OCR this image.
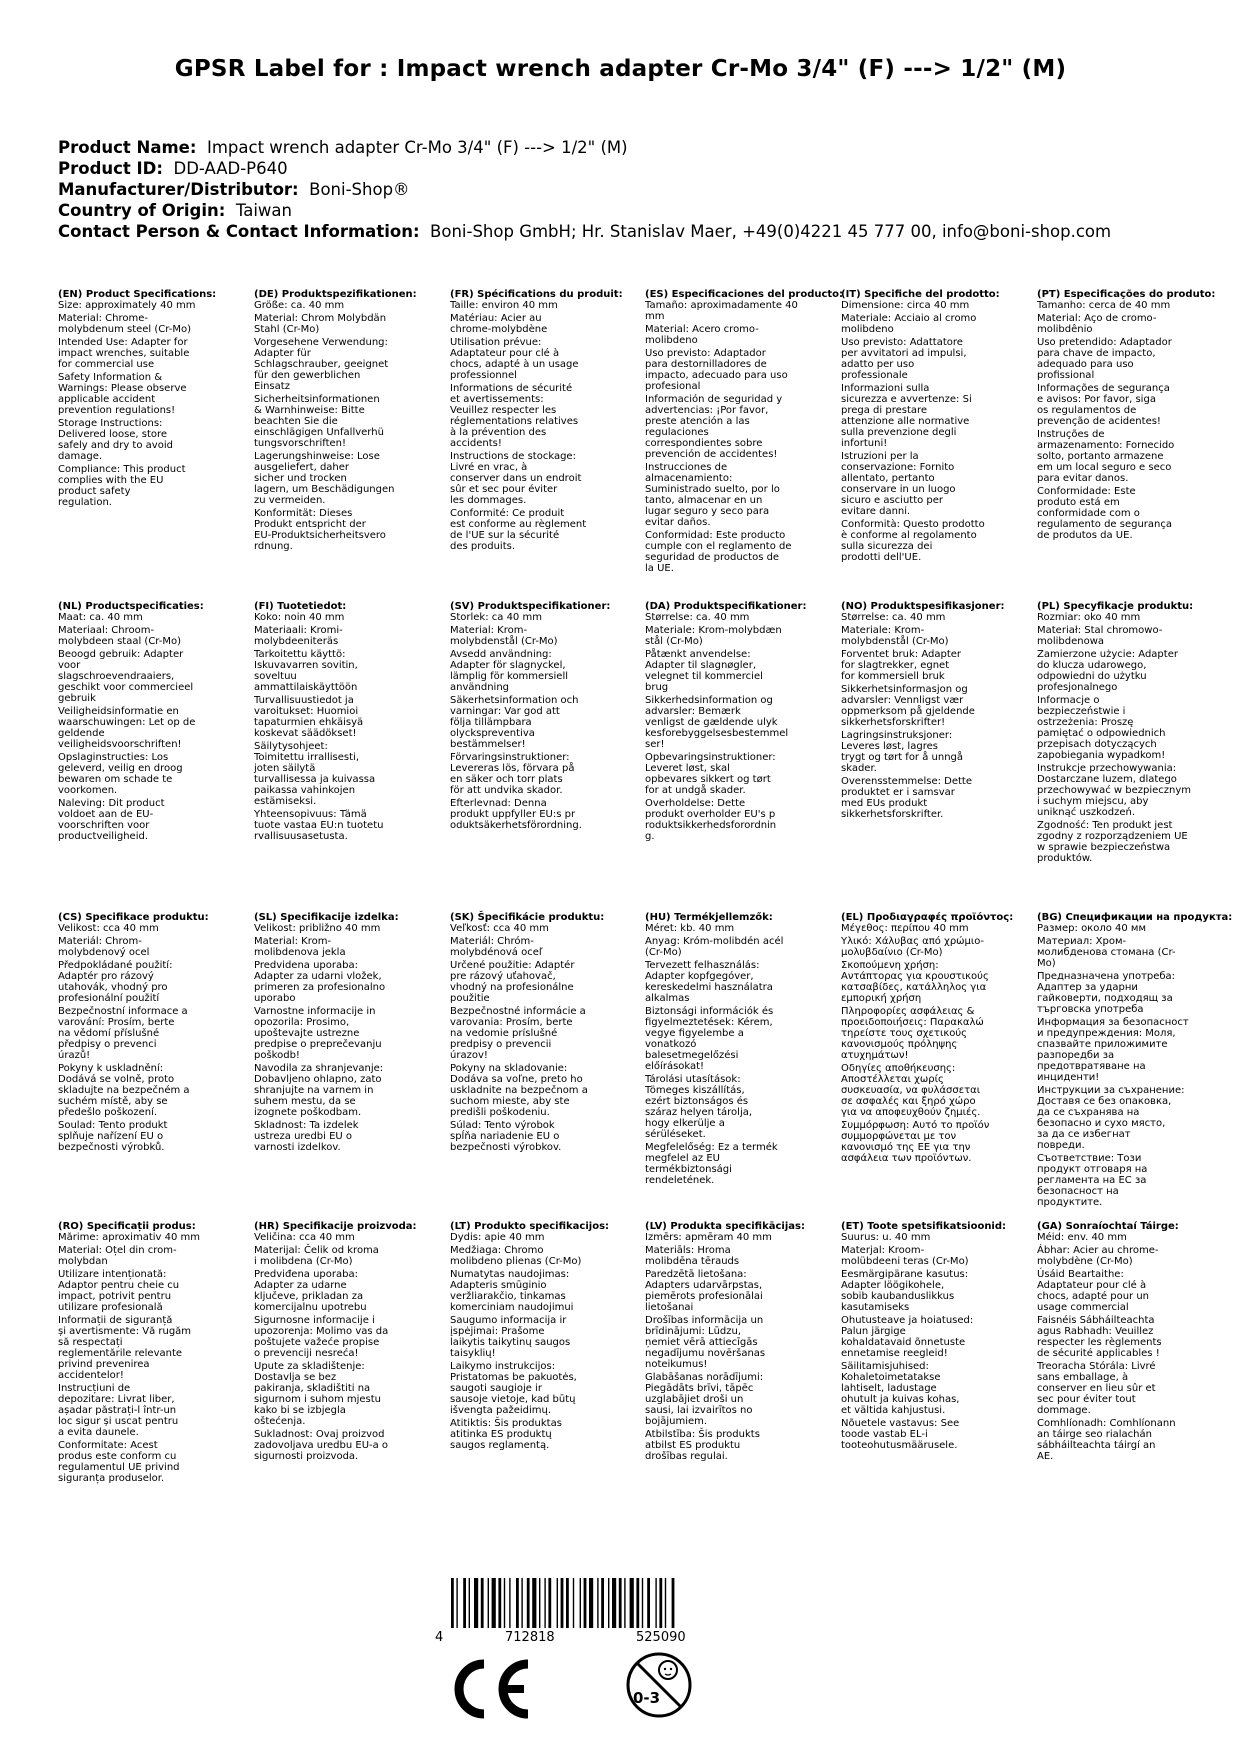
GPSR Label for : Impact wrench adapter Cr-Mo 3/4" (F) ---> 1/2" (M)
Product Name: Impact wrench adapter Cr-Mo 3/4" (F) ---> 1/2" (M)
Product ID: DD-AAD-P640
Manufacturer/Distributor: Boni-Shop®
Country of Origin: Taiwan
Contact Person & Contact Information: Boni-Shop GmbH; Hr. Stanislav Maer, +49(0)4221 45 777 00, info@boni-shop.com
(EN) Product Specifications:
Size: approximately 40 mm
Material: Chrome-
molybdenum steel (Cr-Mo)
Intended Use: Adapter for
impact wrenches, suitable
for commercial use
Safety Information &
Warnings: Please observe
applicable accident
prevention regulations!
Storage Instructions:
Delivered loose, store
safely and dry to avoid
damage.
Compliance: This product
complies with the EU
product safety
regulation.
(DE) Produktspezifikationen:
Größe: ca. 40 mm
Material: Chrom Molybdän
Stahl (Cr-Mo)
Vorgesehene Verwendung:
Adapter für
Schlagschrauber, geeignet
für den gewerblichen
Einsatz
Sicherheitsinformationen
& Warnhinweise: Bitte
beachten Sie die
einschlägigen Unfallverhü
tungsvorschriften!
Lagerungshinweise: Lose
ausgeliefert, daher
sicher und trocken
lagern, um Beschädigungen
zu vermeiden.
Konformität: Dieses
Produkt entspricht der
EU-Produktsicherheitsvero
rdnung.
(FR) Spécifications du produit:
Taille: environ 40 mm
Matériau: Acier au
chrome-molybdène
Utilisation prévue:
Adaptateur pour clé à
chocs, adapté à un usage
professionnel
Informations de sécurité
et avertissements:
Veuillez respecter les
réglementations relatives
à la prévention des
accidents!
Instructions de stockage:
Livré en vrac, à
conserver dans un endroit
sûr et sec pour éviter
les dommages.
Conformité: Ce produit
est conforme au règlement
de l'UE sur la sécurité
des produits.
(ES) Especificaciones del producto:
Tamaño: aproximadamente 40
mm
Material: Acero cromo-
molibdeno
Uso previsto: Adaptador
para destornilladores de
impacto, adecuado para uso
profesional
Información de seguridad y
advertencias: ¡Por favor,
preste atención a las
regulaciones
correspondientes sobre
prevención de accidentes!
Instrucciones de
almacenamiento:
Suministrado suelto, por lo
tanto, almacenar en un
lugar seguro y seco para
evitar daños.
Conformidad: Este producto
cumple con el reglamento de
seguridad de productos de
la UE.
(IT) Specifiche del prodotto:
Dimensione: circa 40 mm
Materiale: Acciaio al cromo
molibdeno
Uso previsto: Adattatore
per avvitatori ad impulsi,
adatto per uso
professionale
Informazioni sulla
sicurezza e avvertenze: Si
prega di prestare
attenzione alle normative
sulla prevenzione degli
infortuni!
Istruzioni per la
conservazione: Fornito
allentato, pertanto
conservare in un luogo
sicuro e asciutto per
evitare danni.
Conformità: Questo prodotto
è conforme al regolamento
sulla sicurezza dei
prodotti dell'UE.
(PT) Especificações do produto:
Tamanho: cerca de 40 mm
Material: Aço de cromo-
molibdênio
Uso pretendido: Adaptador
para chave de impacto,
adequado para uso
profissional
Informações de segurança
e avisos: Por favor, siga
os regulamentos de
prevenção de acidentes!
Instruções de
armazenamento: Fornecido
solto, portanto armazene
em um local seguro e seco
para evitar danos.
Conformidade: Este
produto está em
conformidade com o
regulamento de segurança
de produtos da UE.
(NL) Productspecificaties:
Maat: ca. 40 mm
Materiaal: Chroom-
molybdeen staal (Cr-Mo)
Beoogd gebruik: Adapter
voor
slagschroevendraaiers,
geschikt voor commercieel
gebruik
Veiligheidsinformatie en
waarschuwingen: Let op de
geldende
veiligheidsvoorschriften!
Opslaginstructies: Los
geleverd, veilig en droog
bewaren om schade te
voorkomen.
Naleving: Dit product
voldoet aan de EU-
voorschriften voor
productveiligheid.
(FI) Tuotetiedot:
Koko: noin 40 mm
Materiaali: Kromi-
molybdeeniteräs
Tarkoitettu käyttö:
Iskuvavarren sovitin,
soveltuu
ammattilaiskäyttöön
Turvallisuustiedot ja
varoitukset: Huomioi
tapaturmien ehkäisyä
koskevat säädökset!
Säilytysohjeet:
Toimitettu irrallisesti,
joten säilytä
turvallisessa ja kuivassa
paikassa vahinkojen
estämiseksi.
Yhteensopivuus: Tämä
tuote vastaa EU:n tuotetu
rvallisuusasetusta.
(SV) Produktspecifikationer:
Storlek: ca 40 mm
Material: Krom-
molybdenstål (Cr-Mo)
Avsedd användning:
Adapter för slagnyckel,
lämplig för kommersiell
användning
Säkerhetsinformation och
varningar: Var god att
följa tillämpbara
olyckspreventiva
bestämmelser!
Förvaringsinstruktioner:
Levereras lös, förvara på
en säker och torr plats
för att undvika skador.
Efterlevnad: Denna
produkt uppfyller EU:s pr
oduktsäkerhetsförordning.
(DA) Produktspecifikationer:
Størrelse: ca. 40 mm
Materiale: Krom-molybdæn
stål (Cr-Mo)
Påtænkt anvendelse:
Adapter til slagnøgler,
velegnet til kommerciel
brug
Sikkerhedsinformation og
advarsler: Bemærk
venligst de gældende ulyk
kesforebyggelsesbestemmel
ser!
Opbevaringsinstruktioner:
Leveret løst, skal
opbevares sikkert og tørt
for at undgå skader.
Overholdelse: Dette
produkt overholder EU's p
roduktsikkerhedsforordnin
g.
(NO) Produktspesifikasjoner:
Størrelse: ca. 40 mm
Materiale: Krom-
molybdenstål (Cr-Mo)
Forventet bruk: Adapter
for slagtrekker, egnet
for kommersiell bruk
Sikkerhetsinformasjon og
advarsler: Vennligst vær
oppmerksom på gjeldende
sikkerhetsforskrifter!
Lagringsinstruksjoner:
Leveres løst, lagres
trygt og tørt for å unngå
skader.
Overensstemmelse: Dette
produktet er i samsvar
med EUs produkt
sikkerhetsforskrifter.
(PL) Specyfikacje produktu:
Rozmiar: oko 40 mm
Materiał: Stal chromowo-
molibdenowa
Zamierzone użycie: Adapter
do klucza udarowego,
odpowiedni do użytku
profesjonalnego
Informacje o
bezpieczeństwie i
ostrzeżenia: Proszę
pamiętać o odpowiednich
przepisach dotyczących
zapobiegania wypadkom!
Instrukcje przechowywania:
Dostarczane luzem, dlatego
przechowywać w bezpiecznym
i suchym miejscu, aby
uniknąć uszkodzeń.
Zgodność: Ten produkt jest
zgodny z rozporządzeniem UE
w sprawie bezpieczeństwa
produktów.
(CS) Specifikace produktu:
Velikost: cca 40 mm
Materiál: Chrom-
molybdenový ocel
Předpokládané použití:
Adaptér pro rázový
utahovák, vhodný pro
profesionální použití
Bezpečnostní informace a
varování: Prosím, berte
na vědomí příslušné
předpisy o prevenci
úrazů!
Pokyny k uskladnění:
Dodává se volně, proto
skladujte na bezpečném a
suchém místě, aby se
předešlo poškození.
Soulad: Tento produkt
splňuje nařízení EU o
bezpečnosti výrobků.
(SL) Specifikacije izdelka:
Velikost: približno 40 mm
Material: Krom-
molibdenova jekla
Predvidena uporaba:
Adapter za udarni vložek,
primeren za profesionalno
uporabo
Varnostne informacije in
opozorila: Prosimo,
upoštevajte ustrezne
predpise o preprečevanju
poškodb!
Navodila za shranjevanje:
Dobavljeno ohlapno, zato
shranjujte na varnem in
suhem mestu, da se
izognete poškodbam.
Skladnost: Ta izdelek
ustreza uredbi EU o
varnosti izdelkov.
(SK) Špecifikácie produktu:
Veľkosť: cca 40 mm
Materiál: Chróm-
molybdénová oceľ
Určené použitie: Adaptér
pre rázový uťahovač,
vhodný na profesionálne
použitie
Bezpečnostné informácie a
varovania: Prosím, berte
na vedomie príslušné
predpisy o prevencii
úrazov!
Pokyny na skladovanie:
Dodáva sa voľne, preto ho
uskladnite na bezpečnom a
suchom mieste, aby ste
predišli poškodeniu.
Súlad: Tento výrobok
spĺňa nariadenie EU o
bezpečnosti výrobkov.
(HU) Termékjellemzők:
Méret: kb. 40 mm
Anyag: Króm-molibdén acél
(Cr-Mo)
Tervezett felhasználás:
Adapter kopfgegóver,
kereskedelmi használatra
alkalmas
Biztonsági információk és
figyelmeztetések: Kérem,
vegye figyelembe a
vonatkozó
balesetmegelőzési
előírásokat!
Tárolási utasítások:
Tömeges kiszállítás,
ezért biztonságos és
száraz helyen tárolja,
hogy elkerülje a
sérüléseket.
Megfelelőség: Ez a termék
megfelel az EU
termékbiztonsági
rendeletének.
(EL) Προδιαγραφές προϊόντος:
Μέγεθος: περίπου 40 mm
Υλικό: Χάλυβας από χρώμιο-
μολυβδαίνιο (Cr-Mo)
Σκοπούμενη χρήση:
Αντάπτορας για κρουστικούς
κατσαβίδες, κατάλληλος για
εμπορική χρήση
Πληροφορίες ασφάλειας &
προειδοποιήσεις: Παρακαλώ
τηρείστε τους σχετικούς
κανονισμούς πρόληψης
ατυχημάτων!
Οδηγίες αποθήκευσης:
Αποστέλλεται χωρίς
συσκευασία, να φυλάσσεται
σε ασφαλές και ξηρό χώρο
για να αποφευχθούν ζημιές.
Συμμόρφωση: Αυτό το προϊόν
συμμορφώνεται με τον
κανονισμό της ΕΕ για την
ασφάλεια των προϊόντων.
(BG) Спецификации на продукта:
Размер: около 40 мм
Материал: Хром-
молибденова стомана (Cr-
Mo)
Предназначена употреба:
Адаптер за ударни
гайковерти, подходящ за
търговска употреба
Информация за безопасност
и предупреждения: Моля,
спазвайте приложимите
разпоредби за
предотвратяване на
инциденти!
Инструкции за съхранение:
Доставя се без опаковка,
да се съхранява на
безопасно и сухо място,
за да се избегнат
повреди.
Съответствие: Този
продукт отговаря на
регламента на ЕС за
безопасност на
продуктите.
(RO) Specificații produs:
Mărime: aproximativ 40 mm
Material: Oțel din crom-
molybdan
Utilizare intenționată:
Adaptor pentru cheie cu
impact, potrivit pentru
utilizare profesională
Informații de siguranță
și avertismente: Vă rugăm
să respectați
reglementările relevante
privind prevenirea
accidentelor!
Instrucțiuni de
depozitare: Livrat liber,
așadar păstrați-l într-un
loc sigur și uscat pentru
a evita daunele.
Conformitate: Acest
produs este conform cu
regulamentul UE privind
siguranța produselor.
(HR) Specifikacije proizvoda:
Veličina: cca 40 mm
Materijal: Čelik od kroma
i molibdena (Cr-Mo)
Predviđena uporaba:
Adapter za udarne
ključeve, prikladan za
komercijalnu upotrebu
Sigurnosne informacije i
upozorenja: Molimo vas da
poštujete važeće propise
o prevenciji nesreća!
Upute za skladištenje:
Dostavlja se bez
pakiranja, skladištiti na
sigurnom i suhom mjestu
kako bi se izbjegla
oštećenja.
Sukladnost: Ovaj proizvod
zadovoljava uredbu EU-a o
sigurnosti proizvoda.
(LT) Produkto specifikacijos:
Dydis: apie 40 mm
Medžiaga: Chromo
molibdeno plienas (Cr-Mo)
Numatytas naudojimas:
Adapteris smūginio
veržliarakčio, tinkamas
komerciniam naudojimui
Saugumo informacija ir
įspėjimai: Prašome
laikytis taikytinų saugos
taisyklių!
Laikymo instrukcijos:
Pristatomas be pakuotės,
saugoti saugioje ir
sausoje vietoje, kad būtų
išvengta pažeidimų.
Atitiktis: Šis produktas
atitinka ES produktų
saugos reglamentą.
(LV) Produkta specifikācijas:
Izmērs: apmēram 40 mm
Materiāls: Hroma
molibdēna tērauds
Paredzētā lietošana:
Adapters udarvārpstas,
piemērots profesionālai
lietošanai
Drošības informācija un
brīdinājumi: Lūdzu,
ņemiet vērā attiecīgās
negadījumu novēršanas
noteikumus!
Glabāšanas norādījumi:
Piegādāts brīvi, tāpēc
uzglabājiet droši un
sausi, lai izvairītos no
bojājumiem.
Atbilstība: Šis produkts
atbilst ES produktu
drošības regulai.
(ET) Toote spetsifikatsioonid:
Suurus: u. 40 mm
Materjal: Kroom-
molübdeeni teras (Cr-Mo)
Eesmärgipärane kasutus:
Adapter löögikohele,
sobib kaubanduslikkus
kasutamiseks
Ohutusteave ja hoiatused:
Palun järgige
kohaldatavaid õnnetuste
ennetamise reegleid!
Säilitamisjuhised:
Kohaletoimetatakse
lahtiselt, ladustage
ohutult ja kuivas kohas,
et vältida kahjustusi.
Nõuetele vastavus: See
toode vastab EL-i
tooteohutusmäärusele.
(GA) Sonraíochtaí Táirge:
Méid: env. 40 mm
Ábhar: Acier au chrome-
molybdène (Cr-Mo)
Úsáid Beartaithe:
Adaptateur pour clé à
chocs, adapté pour un
usage commercial
Faisnéis Sábháilteachta
agus Rabhadh: Veuillez
respecter les règlements
de sécurité applicables !
Treoracha Stórála: Livré
sans emballage, à
conserver en lieu sûr et
sec pour éviter tout
dommage.
Comhlíonadh: Comhlíonann
an táirge seo rialachán
sábháilteachta táirgí an
AE.
4	712818	525090
0-3
